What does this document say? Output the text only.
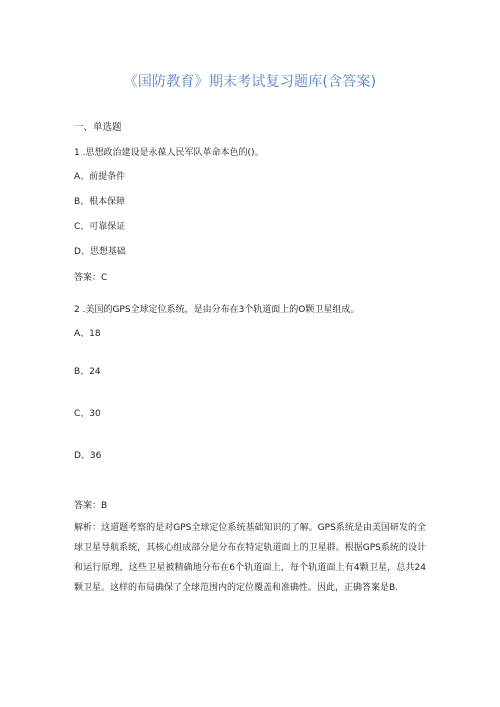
《国防教育》期末考试复习题库(含答案)
一、单选题
1 .思想政治建设是永葆人民军队革命本色的()。
A、前提条件
B、根本保障
C、可靠保证
D、思想基础
答案：C
2 .美国的GPS全球定位系统，是由分布在3个轨道面上的O颗卫星组成。
A、18
B、24
C、30
D、36
答案：B
解析：这道题考察的是对GPS全球定位系统基础知识的了解。GPS系统是由美国研发的全球卫星导航系统，其核心组成部分是分布在特定轨道面上的卫星群。根据GPS系统的设计和运行原理，这些卫星被精确地分布在6个轨道面上，每个轨道面上有4颗卫星，总共24颗卫星。这样的布局确保了全球范围内的定位覆盖和准确性。因此，正确答案是B.
